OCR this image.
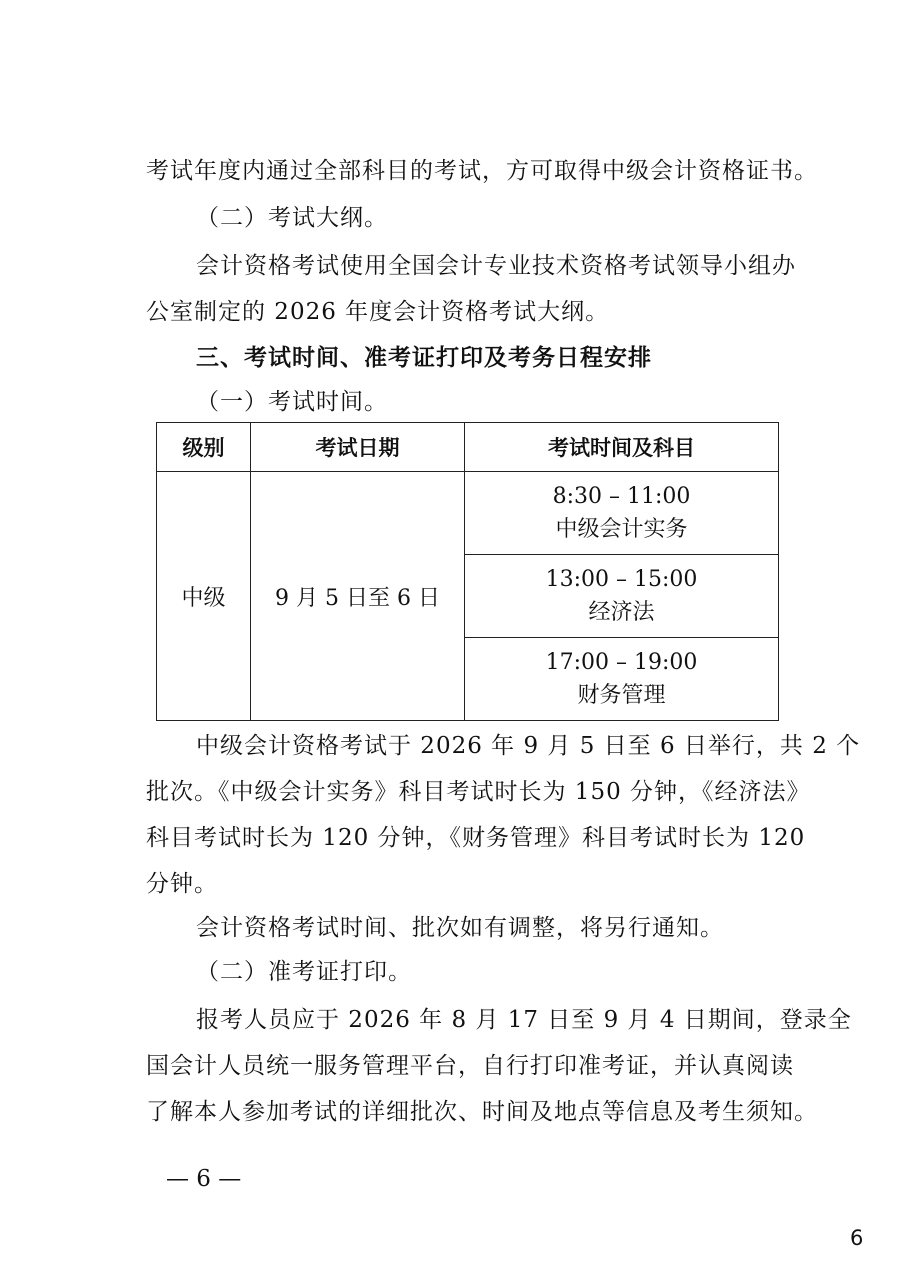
考试年度内通过全部科目的考试，方可取得中级会计资格证书。
（二）考试大纲。
会计资格考试使用全国会计专业技术资格考试领导小组办
公室制定的 2026 年度会计资格考试大纲。
三、考试时间、准考证打印及考务日程安排
（一）考试时间。
级别	考试日期	考试时间及科目
中级	9 月 5 日至 6 日	8:30 – 11:00
中级会计实务

		13:00 – 15:00
经济法

		17:00 – 19:00
财务管理
中级会计资格考试于 2026 年 9 月 5 日至 6 日举行，共 2 个
批次。《中级会计实务》科目考试时长为 150 分钟，《经济法》
科目考试时长为 120 分钟，《财务管理》科目考试时长为 120
分钟。
会计资格考试时间、批次如有调整，将另行通知。
（二）准考证打印。
报考人员应于 2026 年 8 月 17 日至 9 月 4 日期间，登录全
国会计人员统一服务管理平台，自行打印准考证，并认真阅读
了解本人参加考试的详细批次、时间及地点等信息及考生须知。
— 6 —
6
